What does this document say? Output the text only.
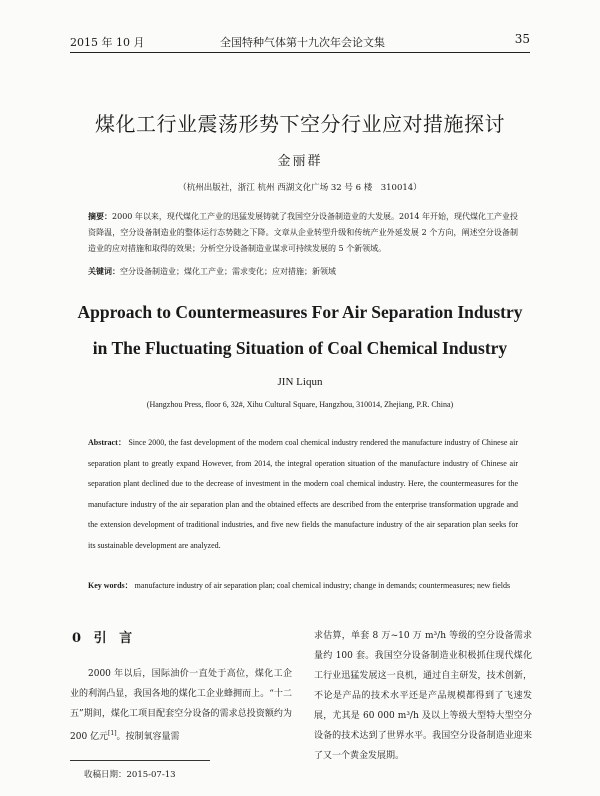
2015 年 10 月	全国特种气体第十九次年会论文集	35
煤化工行业震荡形势下空分行业应对措施探讨
金丽群
（杭州出版社，浙江 杭州 西湖文化广场 32 号 6 楼　310014）
摘要：2000 年以来，现代煤化工产业的迅猛发展铸就了我国空分设备制造业的大发展。2014 年开始，现代煤化工产业投资降温，空分设备制造业的整体运行态势随之下降。文章从企业转型升级和传统产业外延发展 2 个方向，阐述空分设备制造业的应对措施和取得的效果；分析空分设备制造业谋求可持续发展的 5 个新领域。
关键词：空分设备制造业；煤化工产业；需求变化；应对措施；新领域
Approach to Countermeasures For Air Separation Industry
in The Fluctuating Situation of Coal Chemical Industry
JIN Liqun
(Hangzhou Press, floor 6, 32#, Xihu Cultural Square, Hangzhou, 310014, Zhejiang, P.R. China)
Abstract： Since 2000, the fast development of the modern coal chemical industry rendered the manufacture industry of Chinese air separation plant to greatly expand However, from 2014, the integral operation situation of the manufacture industry of Chinese air separation plant declined due to the decrease of investment in the modern coal chemical industry. Here, the countermeasures for the manufacture industry of the air separation plan and the obtained effects are described from the enterprise transformation upgrade and the extension development of traditional industries, and five new fields the manufacture industry of the air separation plan seeks for its sustainable development are analyzed.
Key words： manufacture industry of air separation plan; coal chemical industry; change in demands; countermeasures; new fields
0 引 言
2000 年以后，国际油价一直处于高位，煤化工企业的利润凸显，我国各地的煤化工企业蜂拥而上。“十二五”期间，煤化工项目配套空分设备的需求总投资额约为 200 亿元[1]。按制氧容量需
求估算，单套 8 万~10 万 m³/h 等级的空分设备需求量约 100 套。我国空分设备制造业积极抓住现代煤化工行业迅猛发展这一良机，通过自主研发，技术创新，不论是产品的技术水平还是产品规模都得到了飞速发展，尤其是 60 000 m³/h 及以上等级大型特大型空分设备的技术达到了世界水平。我国空分设备制造业迎来了又一个黄金发展期。
收稿日期：2015-07-13
